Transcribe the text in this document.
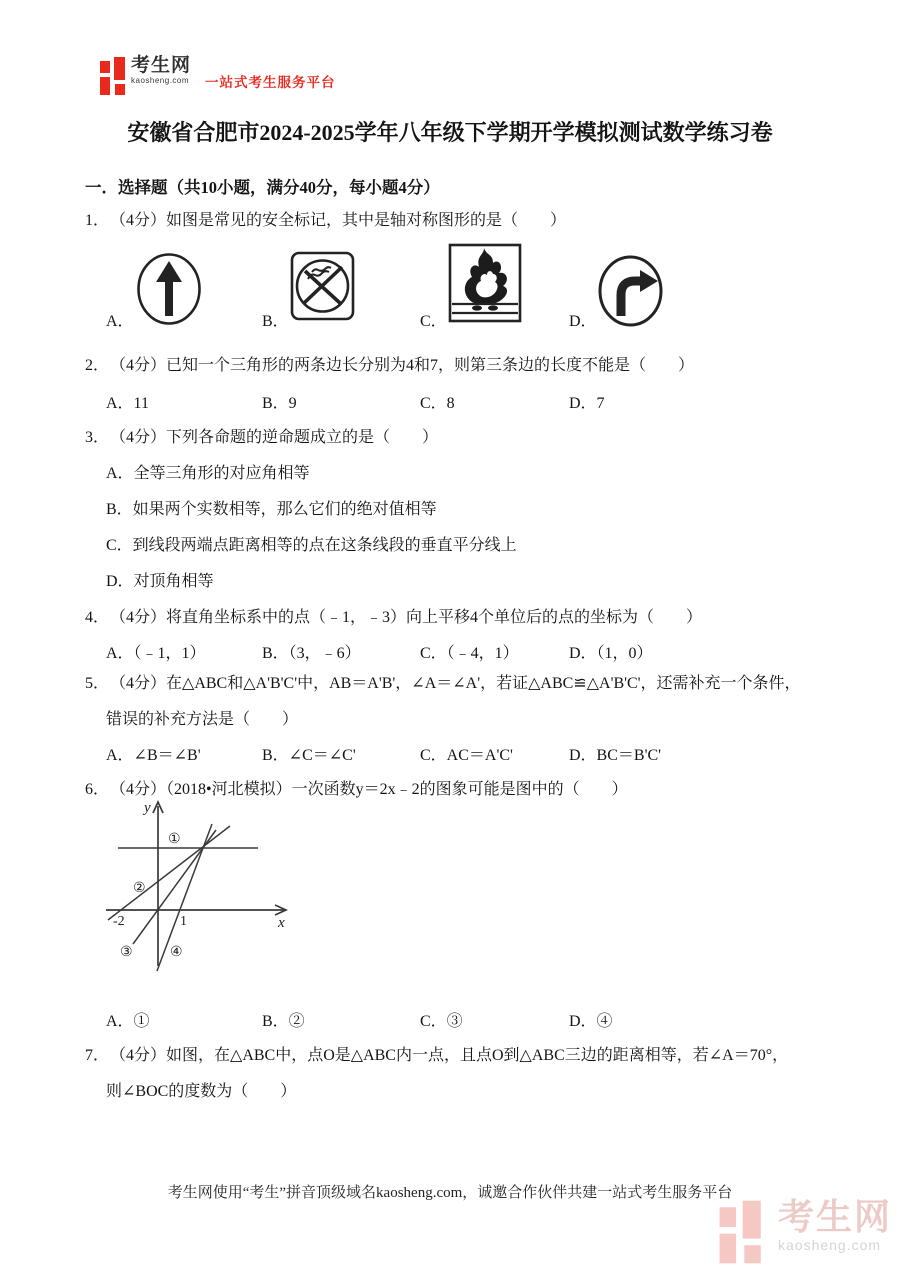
考生网
kaosheng.com 一站式考生服务平台
安徽省合肥市2024-2025学年八年级下学期开学模拟测试数学练习卷
一．选择题（共10小题，满分40分，每小题4分）
1． （4分）如图是常见的安全标记，其中是轴对称图形的是（　　）
A．	B．	C．	D．
2． （4分）已知一个三角形的两条边长分别为4和7，则第三条边的长度不能是（　　）
A．11	B．9	C．8	D．7
3． （4分）下列各命题的逆命题成立的是（　　）
A．全等三角形的对应角相等
B．如果两个实数相等，那么它们的绝对值相等
C．到线段两端点距离相等的点在这条线段的垂直平分线上
D．对顶角相等
4． （4分）将直角坐标系中的点（﹣1，﹣3）向上平移4个单位后的点的坐标为（　　）
A．（﹣1，1）	B．（3，﹣6）	C．（﹣4，1）	D．（1，0）
5． （4分）在△ABC和△A'B'C'中，AB＝A'B'，∠A＝∠A'，若证△ABC≌△A'B'C'，还需补充一个条件，
错误的补充方法是（　　）
A．∠B＝∠B'	B．∠C＝∠C'	C．AC＝A'C'	D．BC＝B'C'
6． （4分）（2018•河北模拟）一次函数y＝2x﹣2的图象可能是图中的（　　）
y
x
-2	1
①
②
③	④
A．①	B．②	C．③	D．④
7． （4分）如图，在△ABC中，点O是△ABC内一点，且点O到△ABC三边的距离相等，若∠A＝70°，
则∠BOC的度数为（　　）
考生网使用“考生”拼音顶级域名kaosheng.com，诚邀合作伙伴共建一站式考生服务平台
考生网
kaosheng.com
